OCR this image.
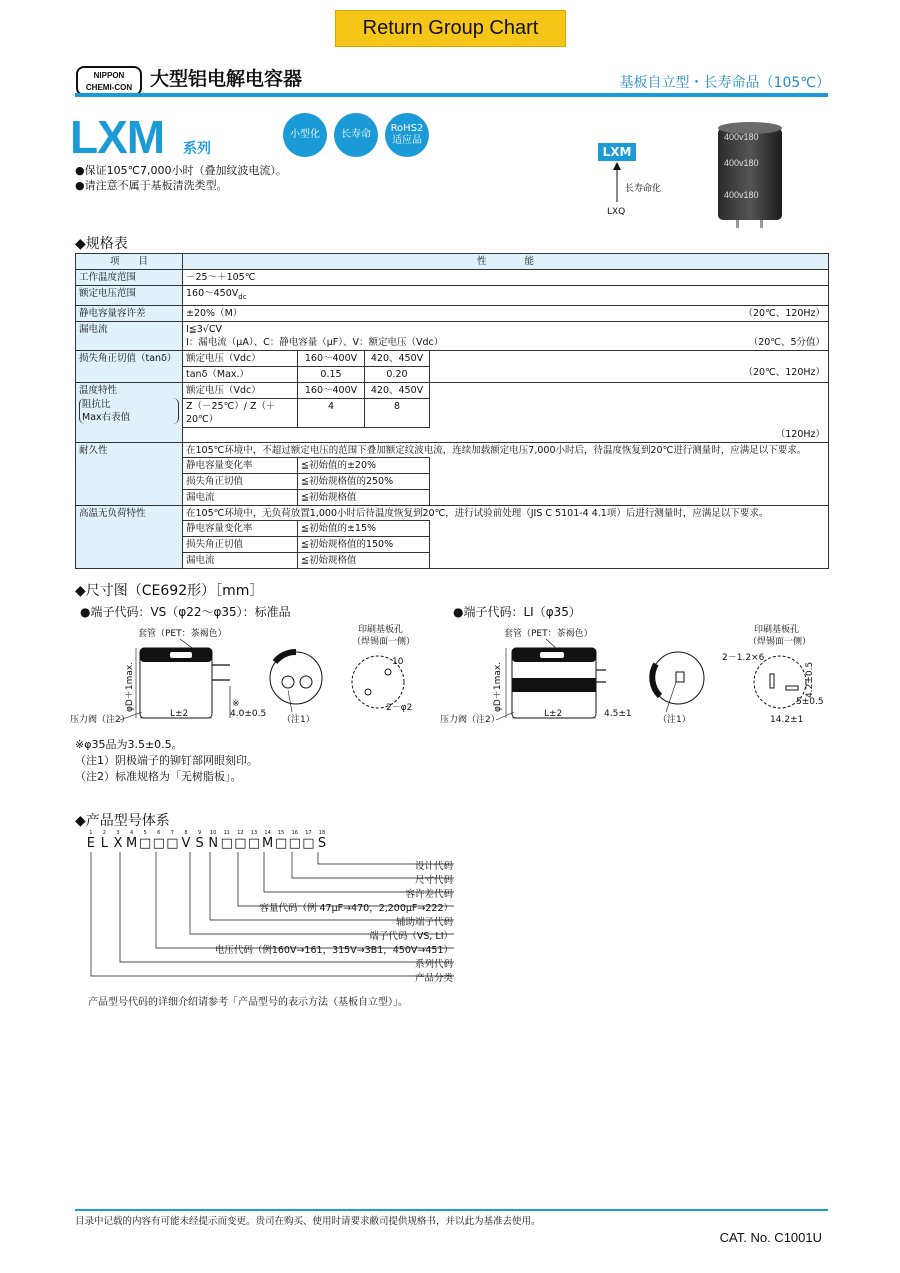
Return Group Chart
NIPPON
CHEMI-CON 大型铝电解电容器	基板自立型・长寿命品（105℃）
LXM 系列
小型化 长寿命
RoHS2
适应品
●保证105℃7,000小时（叠加纹波电流）。
●请注意不属于基板清洗类型。
LXM
长寿命化
LXQ
400v180
400v180
400v180
◆规格表
项　　目	性　　　　能
工作温度范围	－25～＋105℃
额定电压范围	$160\sim 450V_{dc}$
静电容量容许差	±20%（M）	（20℃、120Hz）

漏电流	I≦3√CV
I：漏电流（μA）、C：静电容量（μF）、V：额定电压（Vdc）	（20℃、5分值）

损失角正切值（tanδ）	额定电压（Vdc）	160～400V	420、450V
tanδ（Max.）	0.15	0.20	（20℃、120Hz）

温度特性
阻抗比
Max右表值

额定电压（Vdc）	160～400V	420、450V
Z（－25℃）/ Z（＋20℃）	4	8
（120Hz）

耐久性	在105℃环境中，不超过额定电压的范围下叠加额定纹波电流，连续加载额定电压7,000小时后，待温度恢复到20℃进行测量时，应满足以下要求。
静电容量变化率	≦初始值的±20%
损失角正切值	≦初始规格值的250%
漏电流	≦初始规格值

高温无负荷特性	在105℃环境中，无负荷放置1,000小时后待温度恢复到20℃，进行试验前处理（JIS C 5101-4 4.1项）后进行测量时，应满足以下要求。
静电容量变化率	≦初始值的±15%
损失角正切值	≦初始规格值的150%
漏电流	≦初始规格值
◆尺寸图（CE692形）［mm］
●端子代码：VS（φ22～φ35）：标准品	●端子代码：LI（φ35）
套管（PET：茶褐色）
φD＋1max.
L±2
※
4.0±0.5
压力阀（注2）	（注1）
印刷基板孔
（焊锡面一侧）
10
2－φ2
套管（PET：茶褐色）
φD＋1max.
L±2	4.5±1
压力阀（注2）	（注1）
印刷基板孔
（焊锡面一侧）
2－1.2×6
4.2±0.5
5±0.5
14.2±1
※φ35品为3.5±0.5。
（注1）阴极端子的铆钉部网眼刻印。
（注2）标准规格为「无树脂板」。
◆产品型号体系
1
E
2
L
3
X
4
M
5
□
6
□
7
□
8
V
9
S
10
N
11
□
12
□
13
□
14
M
15
□
16
□
17
□
18
S
设计代码
尺寸代码
容许差代码
容量代码（例 47μF→470，2,200μF→222）
辅助端子代码
端子代码（VS, LI）
电压代码（例160V→161，315V→3B1，450V→451）
系列代码
产品分类
产品型号代码的详细介绍请参考「产品型号的表示方法（基板自立型）」。
目录中记载的内容有可能未经提示而变更。贵司在购买、使用时请要求敝司提供规格书，并以此为基准去使用。
CAT. No. C1001U
